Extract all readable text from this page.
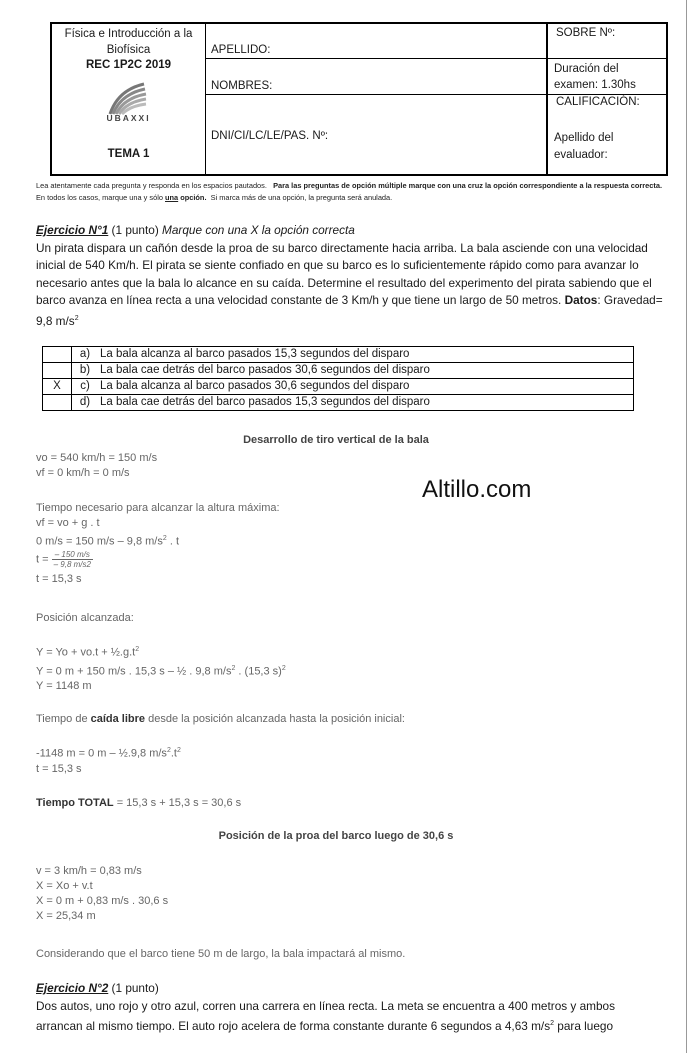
Física e Introducción a la
Biofísica
REC 1P2C 2019
UBAXXI
TEMA 1
APELLIDO:
NOMBRES:
DNI/CI/LC/LE/PAS. Nº:
SOBRE Nº:
Duración del
examen: 1.30hs
CALIFICACIÓN:
Apellido del
evaluador:
Lea atentamente cada pregunta y responda en los espacios pautados. Para las preguntas de opción múltiple marque con una cruz la opción correspondiente a la respuesta correcta.  En todos los casos, marque una y sólo una opción. Si marca más de una opción, la pregunta será anulada.
Ejercicio N°1 (1 punto) Marque con una X la opción correcta
Un pirata dispara un cañón desde la proa de su barco directamente hacia arriba. La bala asciende con una velocidad inicial de 540 Km/h. El pirata se siente confiado en que su barco es lo suficientemente rápido como para avanzar lo necesario antes que la bala lo alcance en su caída. Determine el resultado del experimento del pirata sabiendo que el barco avanza en línea recta a una velocidad constante de 3 Km/h y que tiene un largo de 50 metros. Datos: Gravedad= 9,8 $m/s^2$
	a)	La bala alcanza al barco pasados 15,3 segundos del disparo
	b)	La bala cae detrás del barco pasados 30,6 segundos del disparo
X	c)	La bala alcanza al barco pasados 30,6 segundos del disparo
	d)	La bala cae detrás del barco pasados 15,3 segundos del disparo
Desarrollo de tiro vertical de la bala
vo = 540 km/h = 150 m/s
vf = 0 km/h = 0 m/s
Altillo.com
Tiempo necesario para alcanzar la altura máxima:
vf = vo + g . t
0 m/s = 150 m/s – 9,8 $m/s^2$ . t
$t = \frac{- 150 m/s}{- 9,8 m/s2}$
t = 15,3 s
Posición alcanzada:
$Y = Yo + vo.t + \frac{1}{2}.g.t^2$
Y = 0 m + 150 m/s . 15,3 s – ½ . 9,8 $m/s^2$ . (15,3 s)$^2$
Y = 1148 m
Tiempo de caída libre desde la posición alcanzada hasta la posición inicial:
-1148 m = 0 m – ½.9,8 $m/s^2.t^2$
t = 15,3 s
Tiempo TOTAL = 15,3 s + 15,3 s = 30,6 s
Posición de la proa del barco luego de 30,6 s
v = 3 km/h = 0,83 m/s
X = Xo + v.t
X = 0 m + 0,83 m/s . 30,6 s
X = 25,34 m
Considerando que el barco tiene 50 m de largo, la bala impactará al mismo.
Ejercicio N°2 (1 punto)
Dos autos, uno rojo y otro azul, corren una carrera en línea recta. La meta se encuentra a 400 metros y ambos
arrancan al mismo tiempo. El auto rojo acelera de forma constante durante 6 segundos a 4,63 $m/s^2$ para luego
